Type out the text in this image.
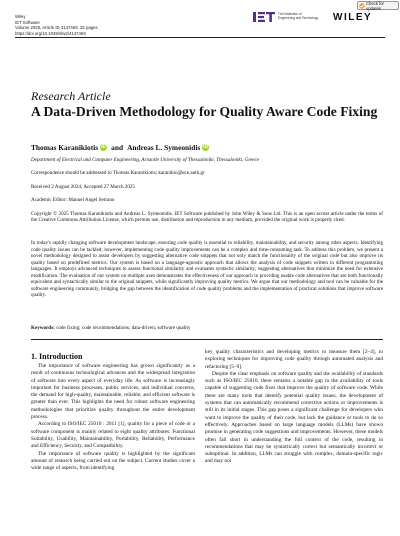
Check for updates
Wiley
IET Software
Volume 2025, Article ID 4147469, 25 pages
https://doi.org/10.1049/sfw2/4147469
The Institution of
Engineering and Technology WILEY
Research Article
A Data-Driven Methodology for Quality Aware Code Fixing
Thomas Karanikiotis iD and Andreas L. Symeonidis iD
Department of Electrical and Computer Engineering, Aristotle University of Thessaloniki, Thessaloniki, Greece
Correspondence should be addressed to Thomas Karanikiotis; karanikio@ece.auth.gr
Received 2 August 2024; Accepted 27 March 2025
Academic Editor: Manuel Angel Serrano
Copyright © 2025 Thomas Karanikiotis and Andreas L. Symeonidis. IET Software published by John Wiley & Sons Ltd. This is an open access article under the terms of the Creative Commons Attribution License, which permits use, distribution and reproduction in any medium, provided the original work is properly cited.
In today's rapidly changing software development landscape, ensuring code quality is essential to reliability, maintainability, and security among other aspects. Identifying code quality issues can be tackled; however, implementing code quality improvements can be a complex and time-consuming task. To address this problem, we present a novel methodology designed to assist developers by suggesting alternative code snippets that not only match the functionality of the original code but also improve its quality based on predefined metrics. Our system is based on a language-agnostic approach that allows the analysis of code snippets written in different programming languages. It employs advanced techniques to assess functional similarity and evaluates syntactic similarity, suggesting alternatives that minimize the need for extensive modification. The evaluation of our system on multiple axes demonstrates the effectiveness of our approach in providing usable code alternatives that are both functionally equivalent and syntactically similar to the original snippets, while significantly improving quality metrics. We argue that our methodology and tool can be valuable for the software engineering community, bridging the gap between the identification of code quality problems and the implementation of practical solutions that improve software quality.
Keywords: code fixing; code recommendations; data-driven; software quality
1. Introduction

The importance of software engineering has grown significantly as a result of continuous technological advances and the widespread integration of software into every aspect of everyday life. As software is increasingly important for business processes, public services, and individual concerns, the demand for high-quality, maintainable, reliable, and efficient software is greater than ever. This highlights the need for robust software engineering methodologies that prioritize quality throughout the entire development process.

According to ISO/IEC 25010 : 2011 [1], quality for a piece of code or a software component is mainly related to eight quality attributes: Functional Suitability, Usability, Maintainability, Portability, Reliability, Performance and Efficiency, Security, and Compatibility.

The importance of software quality is highlighted by the significant amount of research being carried out on the subject. Current studies cover a wide range of aspects, from identifying

key quality characteristics and developing metrics to measure them [2–4], to exploring techniques for improving code quality through automated analysis and refactoring [5–9].

Despite the clear emphasis on software quality and the availability of standards such as ISO/IEC 25010, there remains a notable gap in the availability of tools capable of suggesting code fixes that improve the quality of software code. While there are many tools that identify potential quality issues, the development of systems that can automatically recommend corrective actions or improvements is still in its initial stages. This gap poses a significant challenge for developers who want to improve the quality of their code, but lack the guidance or tools to do so effectively. Approaches based on large language models (LLMs) have shown promise in generating code suggestions and improvements. However, these models often fall short in understanding the full context of the code, resulting in recommendations that may be syntactically correct but semantically incorrect or suboptimal. In addition, LLMs can struggle with complex, domain-specific logic and may not
